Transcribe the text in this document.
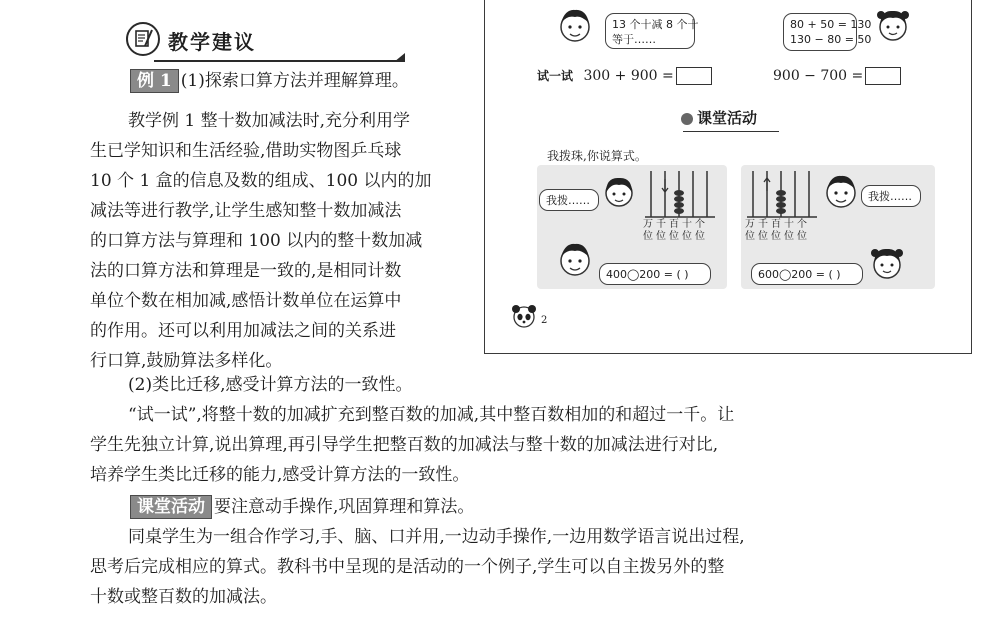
教学建议
例 1 (1)探索口算方法并理解算理。
教学例 1 整十数加减法时,充分利用学
生已学知识和生活经验,借助实物图乒乓球
10 个 1 盒的信息及数的组成、100 以内的加
减法等进行教学,让学生感知整十数加减法
的口算方法与算理和 100 以内的整十数加减
法的口算方法和算理是一致的,是相同计数
单位个数在相加减,感悟计数单位在运算中
的作用。还可以利用加减法之间的关系进
行口算,鼓励算法多样化。
(2)类比迁移,感受计算方法的一致性。
“试一试”,将整十数的加减扩充到整百数的加减,其中整百数相加的和超过一千。让
学生先独立计算,说出算理,再引导学生把整百数的加减法与整十数的加减法进行对比,
培养学生类比迁移的能力,感受计算方法的一致性。
课堂活动 要注意动手操作,巩固算理和算法。
同桌学生为一组合作学习,手、脑、口并用,一边动手操作,一边用数学语言说出过程,
思考后完成相应的算式。教科书中呈现的是活动的一个例子,学生可以自主拨另外的整
十数或整百数的加减法。
13 个十减 8 个十
等于……
80 + 50 = 130
130 − 80 = 50
试一试 300 + 900 =	900 − 700 =
课堂活动
我拨珠,你说算式。
我拨……
万千百十个
位位位位位
400◯200 = ( )
万千百十个
位位位位位
我拨……
600◯200 = ( )
2
